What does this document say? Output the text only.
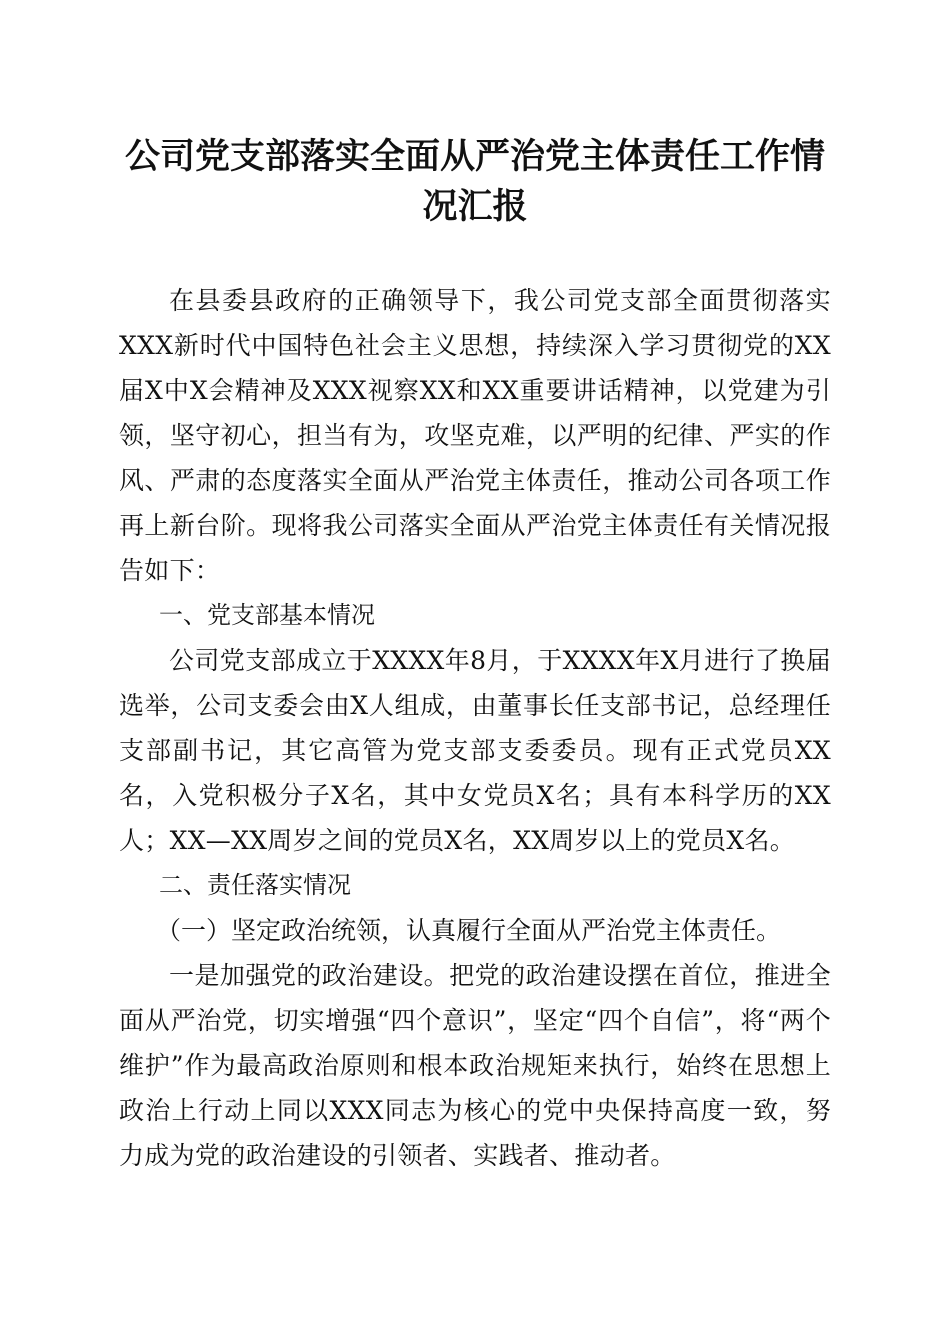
公司党支部落实全面从严治党主体责任工作情
况汇报

在县委县政府的正确领导下，我公司党支部全面贯彻落实XXX新时代中国特色社会主义思想，持续深入学习贯彻党的XX届X中X会精神及XXX视察XX和XX重要讲话精神，以党建为引领，坚守初心，担当有为，攻坚克难，以严明的纪律、严实的作风、严肃的态度落实全面从严治党主体责任，推动公司各项工作再上新台阶。现将我公司落实全面从严治党主体责任有关情况报告如下：

一、党支部基本情况

公司党支部成立于XXXX年8月，于XXXX年X月进行了换届选举，公司支委会由X人组成，由董事长任支部书记，总经理任支部副书记，其它高管为党支部支委委员。现有正式党员XX名，入党积极分子X名，其中女党员X名；具有本科学历的XX人；XX—XX周岁之间的党员X名，XX周岁以上的党员X名。

二、责任落实情况

（一）坚定政治统领，认真履行全面从严治党主体责任。

一是加强党的政治建设。把党的政治建设摆在首位，推进全面从严治党，切实增强“四个意识”，坚定“四个自信”，将“两个维护”作为最高政治原则和根本政治规矩来执行，始终在思想上政治上行动上同以XXX同志为核心的党中央保持高度一致，努力成为党的政治建设的引领者、实践者、推动者。
